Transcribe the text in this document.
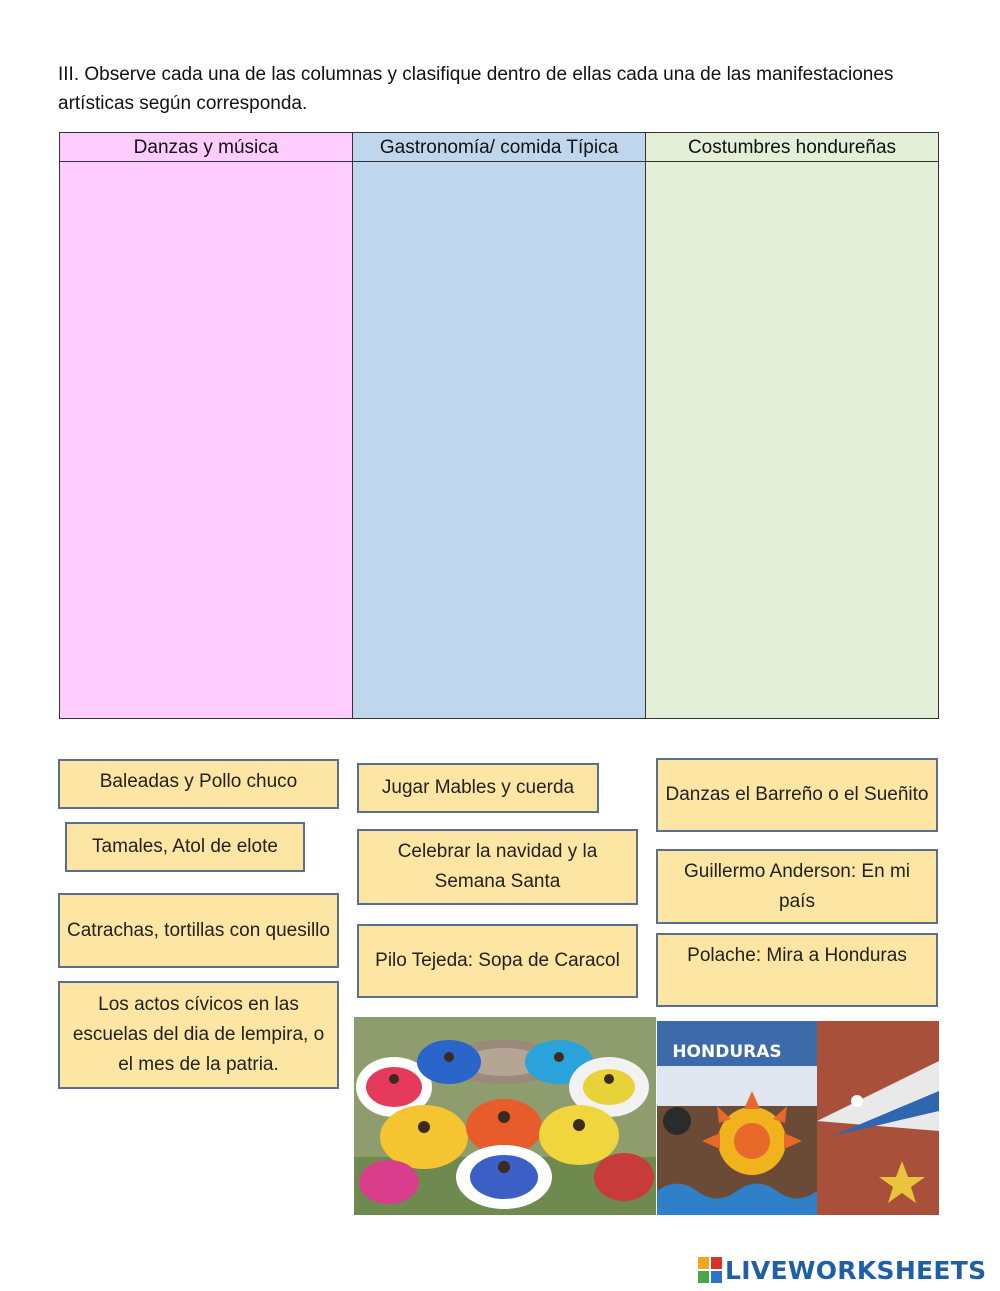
III. Observe cada una de las columnas y clasifique dentro de ellas cada una de las manifestaciones artísticas según corresponda.
Danzas y música	Gastronomía/ comida Típica	Costumbres hondureñas
Baleadas y Pollo chuco	Jugar Mables y cuerda	Danzas el Barreño o el Sueñito
Tamales, Atol de elote	Celebrar la navidad y la Semana Santa	Guillermo Anderson: En mi país
Catrachas, tortillas con quesillo
Pilo Tejeda: Sopa de Caracol	Polache: Mira a Honduras
Los actos cívicos en las escuelas del dia de lempira, o el mes de la patria.
HONDURAS
LIVEWORKSHEETS
